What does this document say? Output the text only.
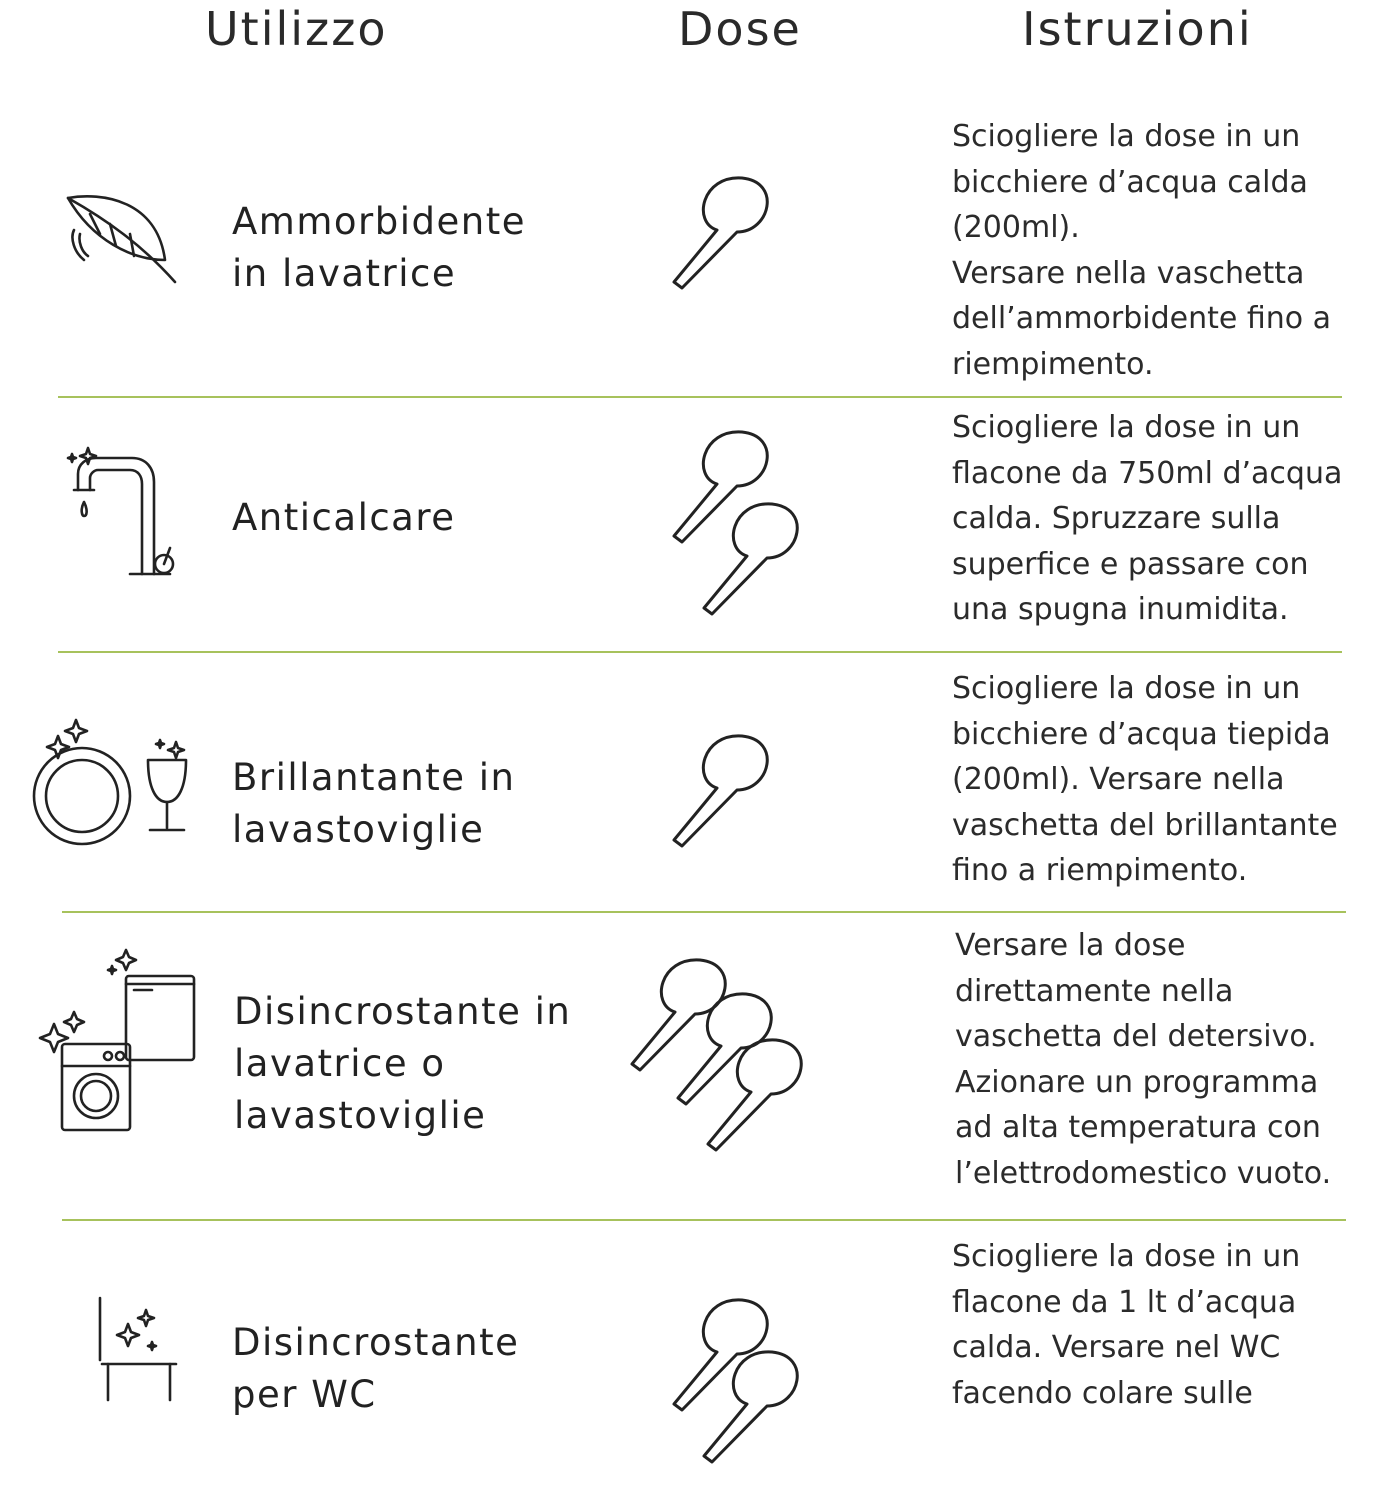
Utilizzo	Dose	Istruzioni
Ammorbidente
in lavatrice
Sciogliere la dose in un
bicchiere d’acqua calda
(200ml).
Versare nella vaschetta
dell’ammorbidente fino a
riempimento.
Anticalcare
Sciogliere la dose in un
flacone da 750ml d’acqua
calda. Spruzzare sulla
superfice e passare con
una spugna inumidita.
Brillantante in
lavastoviglie
Sciogliere la dose in un
bicchiere d’acqua tiepida
(200ml). Versare nella
vaschetta del brillantante
fino a riempimento.
Disincrostante in
lavatrice o
lavastoviglie
Versare la dose
direttamente nella
vaschetta del detersivo.
Azionare un programma
ad alta temperatura con
l’elettrodomestico vuoto.
Disincrostante
per WC
Sciogliere la dose in un
flacone da 1 lt d’acqua
calda. Versare nel WC
facendo colare sulle
